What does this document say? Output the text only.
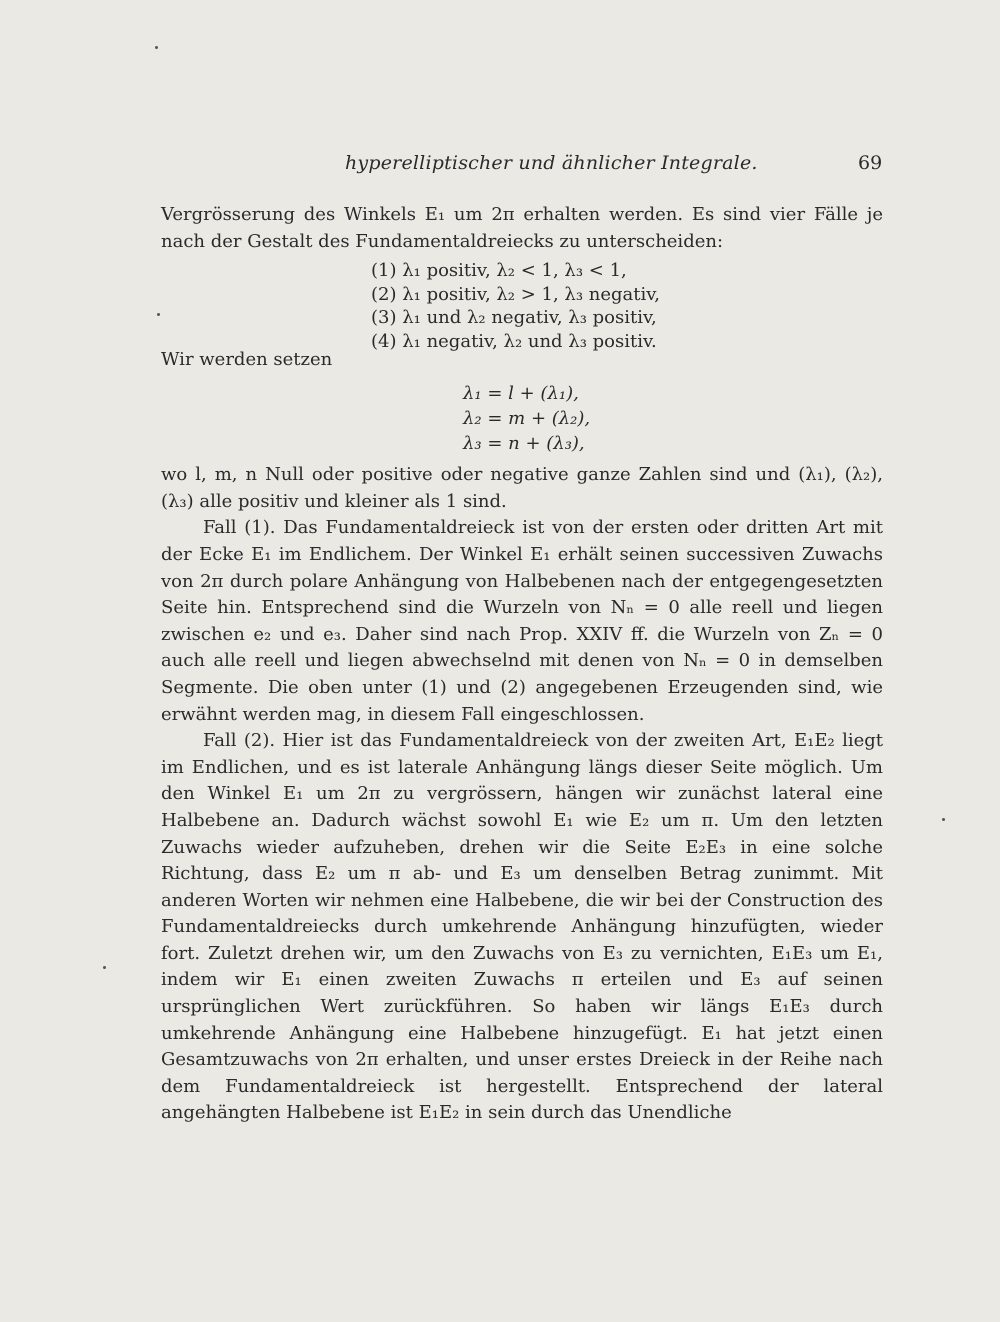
hyperelliptischer und ähnlicher Integrale.	69

Vergrösserung des Winkels E₁ um 2π erhalten werden. Es sind vier Fälle je nach der Gestalt des Fundamentaldreiecks zu unterscheiden:

(1) λ₁ positiv, λ₂ < 1, λ₃ < 1,
(2) λ₁ positiv, λ₂ > 1, λ₃ negativ,
(3) λ₁ und λ₂ negativ, λ₃ positiv,
(4) λ₁ negativ, λ₂ und λ₃ positiv.
Wir werden setzen
λ₁ = l + (λ₁),
λ₂ = m + (λ₂),
λ₃ = n + (λ₃),

wo l, m, n Null oder positive oder negative ganze Zahlen sind und (λ₁), (λ₂), (λ₃) alle positiv und kleiner als 1 sind.

Fall (1). Das Fundamentaldreieck ist von der ersten oder dritten Art mit der Ecke E₁ im Endlichem. Der Winkel E₁ erhält seinen successiven Zuwachs von 2π durch polare Anhängung von Halbebenen nach der entgegengesetzten Seite hin. Entsprechend sind die Wurzeln von Nₙ = 0 alle reell und liegen zwischen e₂ und e₃. Daher sind nach Prop. XXIV ff. die Wurzeln von Zₙ = 0 auch alle reell und liegen abwechselnd mit denen von Nₙ = 0 in demselben Segmente. Die oben unter (1) und (2) angegebenen Erzeugenden sind, wie erwähnt werden mag, in diesem Fall eingeschlossen.

Fall (2). Hier ist das Fundamentaldreieck von der zweiten Art, E₁E₂ liegt im Endlichen, und es ist laterale Anhängung längs dieser Seite möglich. Um den Winkel E₁ um 2π zu vergrössern, hängen wir zunächst lateral eine Halbebene an. Dadurch wächst sowohl E₁ wie E₂ um π. Um den letzten Zuwachs wieder aufzuheben, drehen wir die Seite E₂E₃ in eine solche Richtung, dass E₂ um π ab- und E₃ um denselben Betrag zunimmt. Mit anderen Worten wir nehmen eine Halbebene, die wir bei der Construction des Fundamentaldreiecks durch umkehrende Anhängung hinzufügten, wieder fort. Zuletzt drehen wir, um den Zuwachs von E₃ zu vernichten, E₁E₃ um E₁, indem wir E₁ einen zweiten Zuwachs π erteilen und E₃ auf seinen ursprünglichen Wert zurückführen. So haben wir längs E₁E₃ durch umkehrende Anhängung eine Halbebene hinzugefügt. E₁ hat jetzt einen Gesamtzuwachs von 2π erhalten, und unser erstes Dreieck in der Reihe nach dem Fundamentaldreieck ist hergestellt. Entsprechend der lateral angehängten Halbebene ist E₁E₂ in sein durch das Unendliche
